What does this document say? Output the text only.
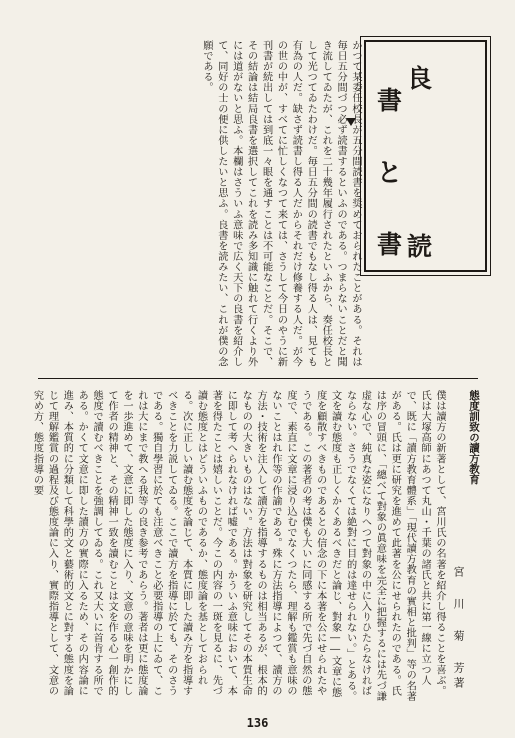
良
読
書
と
書
かつて某委任校長が五分間読書を奨めておられたことがある。それは毎日五分間づつ必ず読書するといふのである。つまらないことだと聞き流してゐたが、これを二十幾年履行されたといふから、奏任校長として光つてゐたわけだ。毎日五分間の読書でもなし得る人は、見ても有為の人だ。缺さず読書し得る人だからそれだけ修養する人だ。が今の世の中が、すべてに忙しくなつて来ては、さうして今日のやうに新刊書が続出しては到底一々眼を通すことは不可能なことだ。そこで、その結論は結局良書を選択してこれを読み多知識に触れて行くより外には道がないと思ふ。本欄はさういふ意味で広く天下の良書を紹介して、同好の士の便に供したいと思ふ。良書を読みたい、これが僕の念願である。
態度訓致の讀方教育
宮 川 菊 芳著
僕は讀方の新著として、宮川氏の名著を紹介し得ることを喜ぶ。氏は大塚高師にあつて丸山・千葉の諸氏と共に第一線に立つ人で、既に「讀方教育體系」「現代讀方教育の實相と批判」等の名著がある。氏は更に研究を進めて此著を公にせられたのである。氏は序の冒頭に、「總べて對象の眞意味を完全に把握するには先づ謙虚な心で、純真な姿になりへつて對象の中に入りひたらなければならない。さうでなくては絶對に目的は達せられない。」とある。文を讀む態度も正しくかくあるべきだと論じ、對象――文章に態度を顧散すべきものであるとの信念の下に本著を公にせられたやうである。この著者の考は僕も大いに同感する所で先づ自然の態度で、素直に文章に浸り込むでなくつたら、理解も鑑賞も意味のないことはれ作等の作諭である。殊に方法指導によつて、讀方の方法・技術を注入して讀方を指導するものは相当あるが、根本的なものの大きいものはない。方法は對象を研究してその本質生命に即して考へられなければ嘘である。かういふ意味において、本著を得たことは嬉しいことだ。今この内容の一斑を見るに、先づ讀む態度とはどういふものであるか、態度論を基としておられる。次に正しい讀む態度を論じて、本質に即した讀み方を指導すべきことを力説してゐる。ここで讀方を指導に於ても、そのさうである。獨自學習に於ても注意べきこと必要指導の上にゐて、これは大にまで教へる我等の良き参考であらう。著者は更に態度論を一歩進めて、文意に即した態度に入り、文意の意味を明かにして作者の精神と、その精神一致を讀むことは文を作る心一創作的態度で讀むべきことを強調してゐる。これ又大いに首肯する所である。かくて文意に即した讀方の實際に入るため、その内容論に進み、本質的に分類して科學的文と藝術的文とに對する態度を論じて理解鑑賞の過程及び態度論に入り、實際指導として、文意の究め方、態度指導の要
136
